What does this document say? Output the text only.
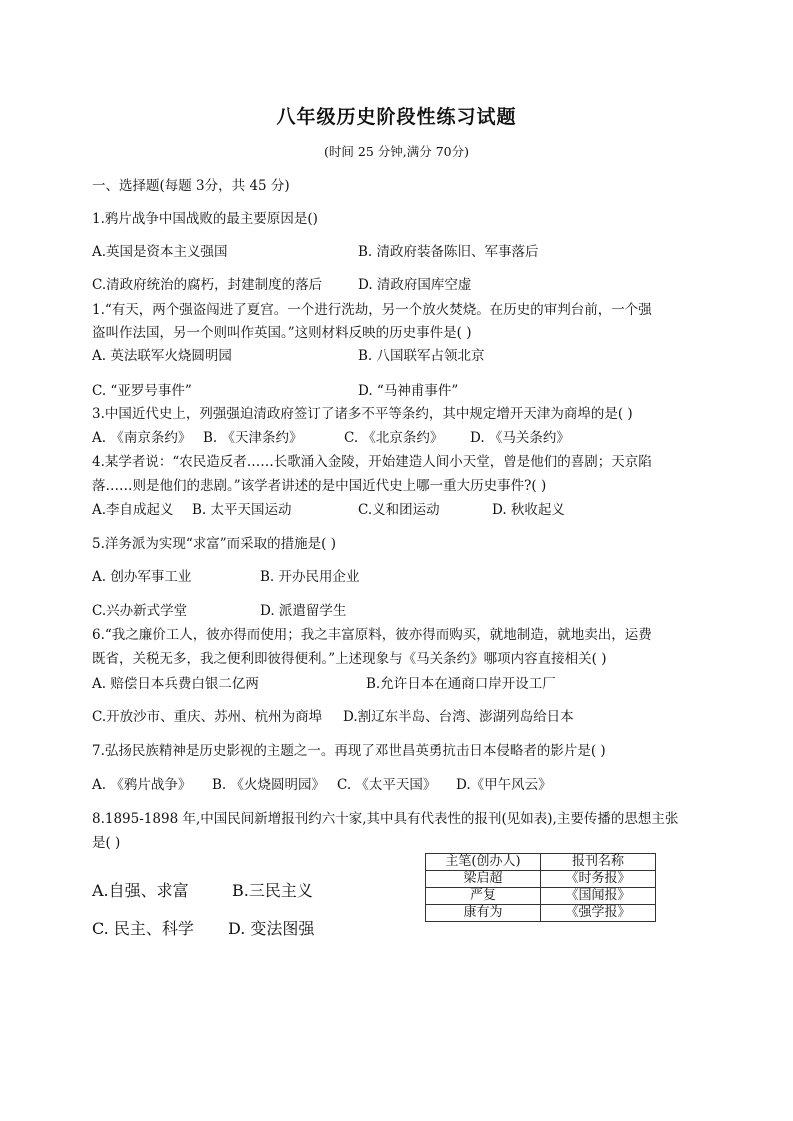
八年级历史阶段性练习试题
(时间 25 分钟,满分 70分)
一、选择题(每题 3分，共 45 分)
1.鸦片战争中国战败的最主要原因是()
A.英国是资本主义强国	B. 清政府装备陈旧、军事落后
C.清政府统治的腐朽，封建制度的落后	D. 清政府国库空虚
1.“有天，两个强盗闯进了夏宫。一个进行洗劫，另一个放火焚烧。在历史的审判台前，一个强
盗叫作法国，另一个则叫作英国。”这则材料反映的历史事件是( )
A. 英法联军火烧圆明园	B. 八国联军占领北京
C. “亚罗号事件”	D. “马神甫事件”
3.中国近代史上，列强强迫清政府签订了诸多不平等条约，其中规定增开天津为商埠的是( )
A. 《南京条约》 B. 《天津条约》	C. 《北京条约》 D. 《马关条约》
4.某学者说：“农民造反者……长歌涌入金陵，开始建造人间小天堂，曾是他们的喜剧；天京陷
落……则是他们的悲剧。”该学者讲述的是中国近代史上哪一重大历史事件?( )
A.李自成起义 B. 太平天国运动	C.义和团运动	D. 秋收起义
5.洋务派为实现“求富”而采取的措施是( )
A. 创办军事工业	B. 开办民用企业
C.兴办新式学堂	D. 派遣留学生
6.“我之廉价工人，彼亦得而使用；我之丰富原料，彼亦得而购买，就地制造，就地卖出，运费
既省，关税无多，我之便利即彼得便利。”上述现象与《马关条约》哪项内容直接相关( )
A. 赔偿日本兵费白银二亿两	B.允许日本在通商口岸开设工厂
C.开放沙市、重庆、苏州、杭州为商埠 D.割辽东半岛、台湾、澎湖列岛给日本
7.弘扬民族精神是历史影视的主题之一。再现了邓世昌英勇抗击日本侵略者的影片是( )
A. 《鸦片战争》 B. 《火烧圆明园》 C. 《太平天国》 D.《甲午风云》
8.1895-1898 年,中国民间新增报刊约六十家,其中具有代表性的报刊(见如表),主要传播的思想主张
是( )
A.自强、求富	B.三民主义
C. 民主、科学 D. 变法图强
主笔(创办人)	报刊名称
梁启超	《时务报》
严复	《国闻报》
康有为	《强学报》
